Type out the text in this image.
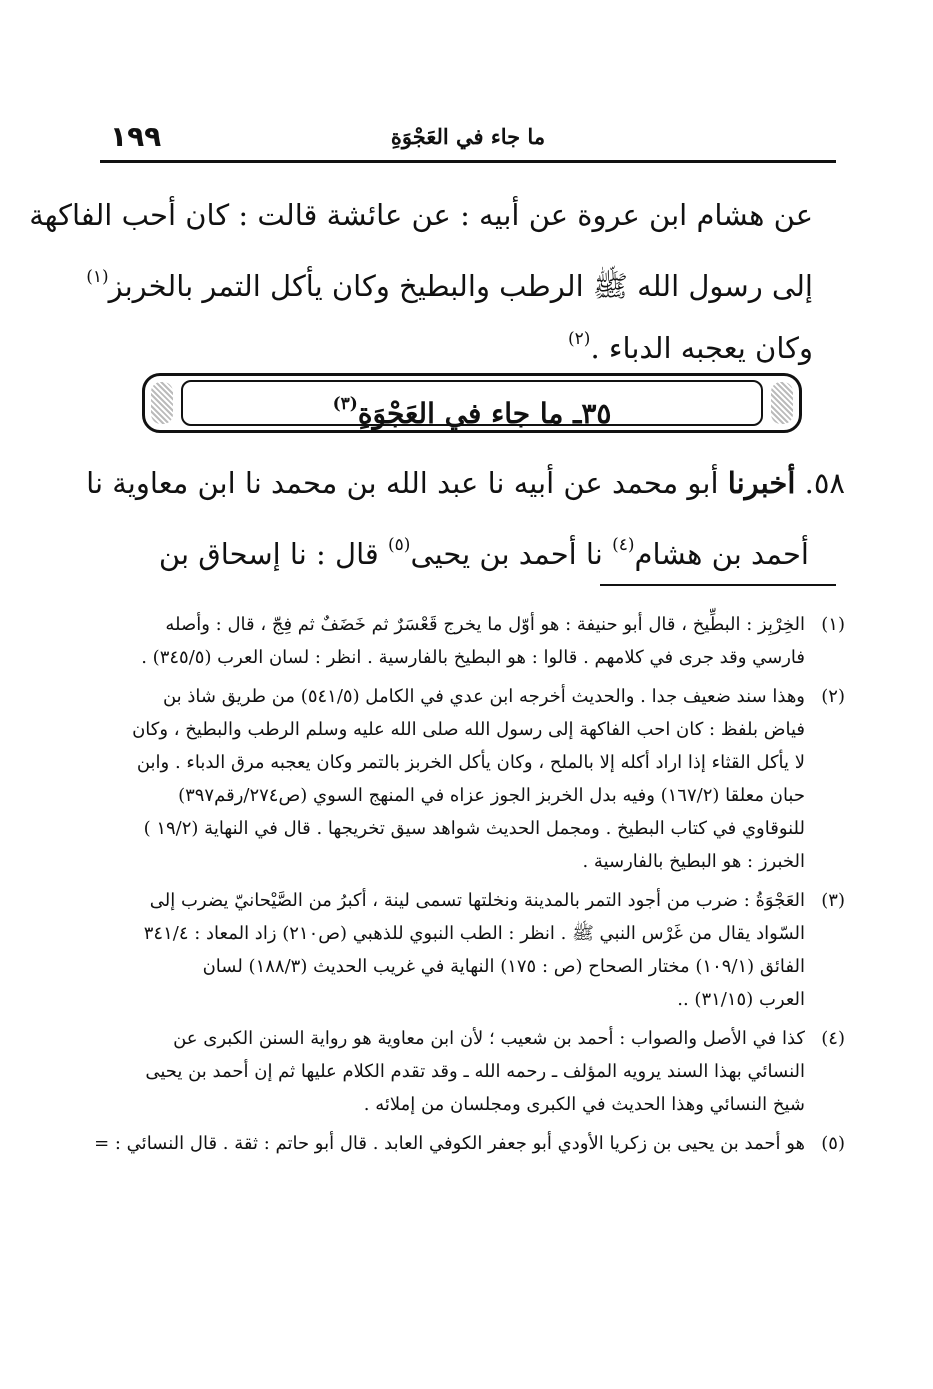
١٩٩	ما جاء في العَجْوَةِ
عن هشام ابن عروة عن أبيه : عن عائشة قالت : كان أحب الفاكهة
إلى رسول الله ﷺ الرطب والبطيخ وكان يأكل التمر بالخربز$^{(١)}$
وكان يعجبه الدباء .$^{(٢)}$
٣٥ـ ما جاء في العَجْوَةِ$^{(٣)}$
٥٨. أخبرنا أبو محمد عن أبيه نا عبد الله بن محمد نا ابن معاوية نا
أحمد بن هشام$^{(٤)}$ نا أحمد بن يحيى$^{(٥)}$ قال : نا إسحاق بن
(١)
الخِرْبِز : البطِّيخ ، قال أبو حنيفة : هو أوّل ما يخرج قَعْسَرٌ ثم خَضَفٌ ثم فِجّ ، قال : وأصله
فارسي وقد جرى في كلامهم . قالوا : هو البطيخ بالفارسية . انظر : لسان العرب (٣٤٥/٥) .
(٢)
وهذا سند ضعيف جدا . والحديث أخرجه ابن عدي في الكامل (٥٤١/٥) من طريق شاذ بن
فياض بلفظ : كان احب الفاكهة إلى رسول الله صلى الله عليه وسلم الرطب والبطيخ ، وكان
لا يأكل القثاء إذا اراد أكله إلا بالملح ، وكان يأكل الخربز بالتمر وكان يعجبه مرق الدباء . وابن
حبان معلقا (١٦٧/٢) وفيه بدل الخربز الجوز عزاه في المنهج السوي (ص٢٧٤/رقم٣٩٧)
للنوقاوي في كتاب البطيخ . ومجمل الحديث شواهد سيق تخريجها . قال في النهاية (١٩/٢ )
الخبرز : هو البطيخ بالفارسية .
(٣)
العَجْوَةُ : ضرب من أجود التمر بالمدينة ونخلتها تسمى لينة ، أكبرُ من الصَّيْحانيّ يضرب إلى
السّواد يقال من غَرْس النبي ﷺ . انظر : الطب النبوي للذهبي (ص٢١٠) زاد المعاد : ٣٤١/٤
الفائق (١٠٩/١) مختار الصحاح (ص : ١٧٥) النهاية في غريب الحديث (١٨٨/٣) لسان
العرب (٣١/١٥) ..
(٤)
كذا في الأصل والصواب : أحمد بن شعيب ؛ لأن ابن معاوية هو رواية السنن الكبرى عن
النسائي بهذا السند يرويه المؤلف ـ رحمه الله ـ وقد تقدم الكلام عليها ثم إن أحمد بن يحيى
شيخ النسائي وهذا الحديث في الكبرى ومجلسان من إملائه .
(٥)
هو أحمد بن يحيى بن زكريا الأودي أبو جعفر الكوفي العابد . قال أبو حاتم : ثقة . قال النسائي : =
